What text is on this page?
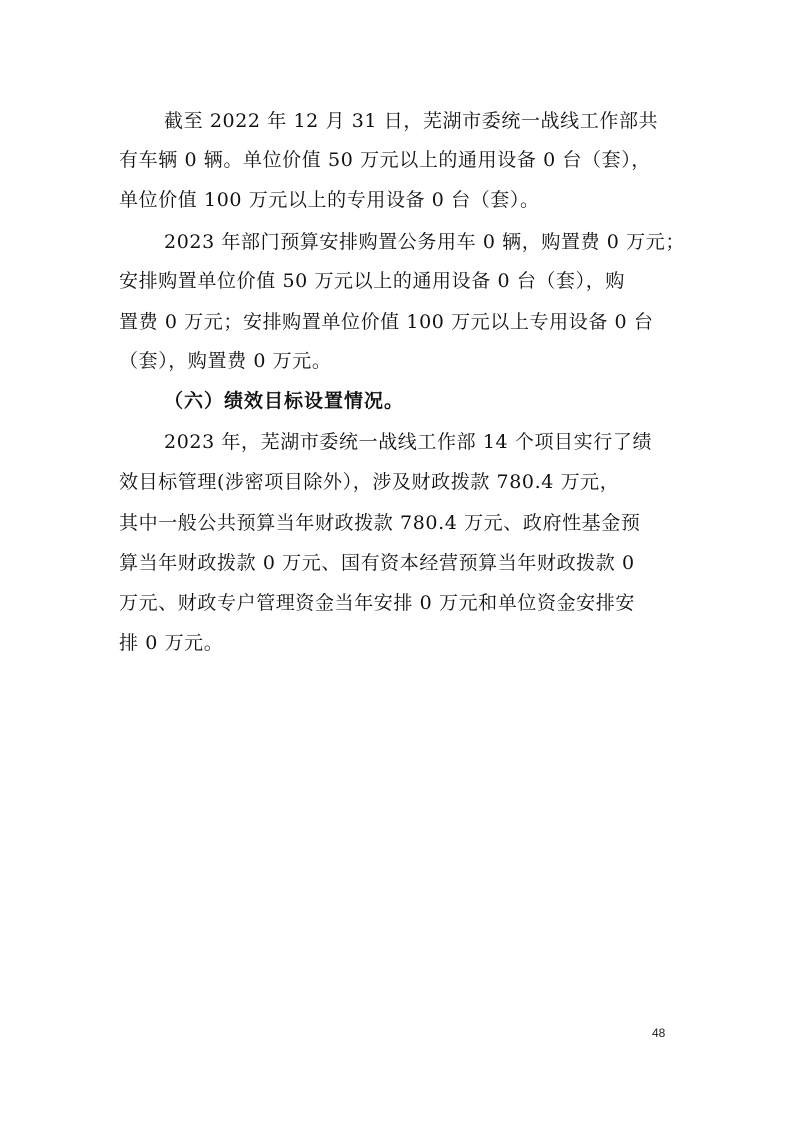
截至 2022 年 12 月 31 日，芜湖市委统一战线工作部共
有车辆 0 辆。单位价值 50 万元以上的通用设备 0 台（套），
单位价值 100 万元以上的专用设备 0 台（套）。
2023 年部门预算安排购置公务用车 0 辆，购置费 0 万元；
安排购置单位价值 50 万元以上的通用设备 0 台（套），购
置费 0 万元；安排购置单位价值 100 万元以上专用设备 0 台
（套），购置费 0 万元。
（六）绩效目标设置情况。
2023 年，芜湖市委统一战线工作部 14 个项目实行了绩
效目标管理(涉密项目除外），涉及财政拨款 780.4 万元，
其中一般公共预算当年财政拨款 780.4 万元、政府性基金预
算当年财政拨款 0 万元、国有资本经营预算当年财政拨款 0
万元、财政专户管理资金当年安排 0 万元和单位资金安排安
排 0 万元。
48
